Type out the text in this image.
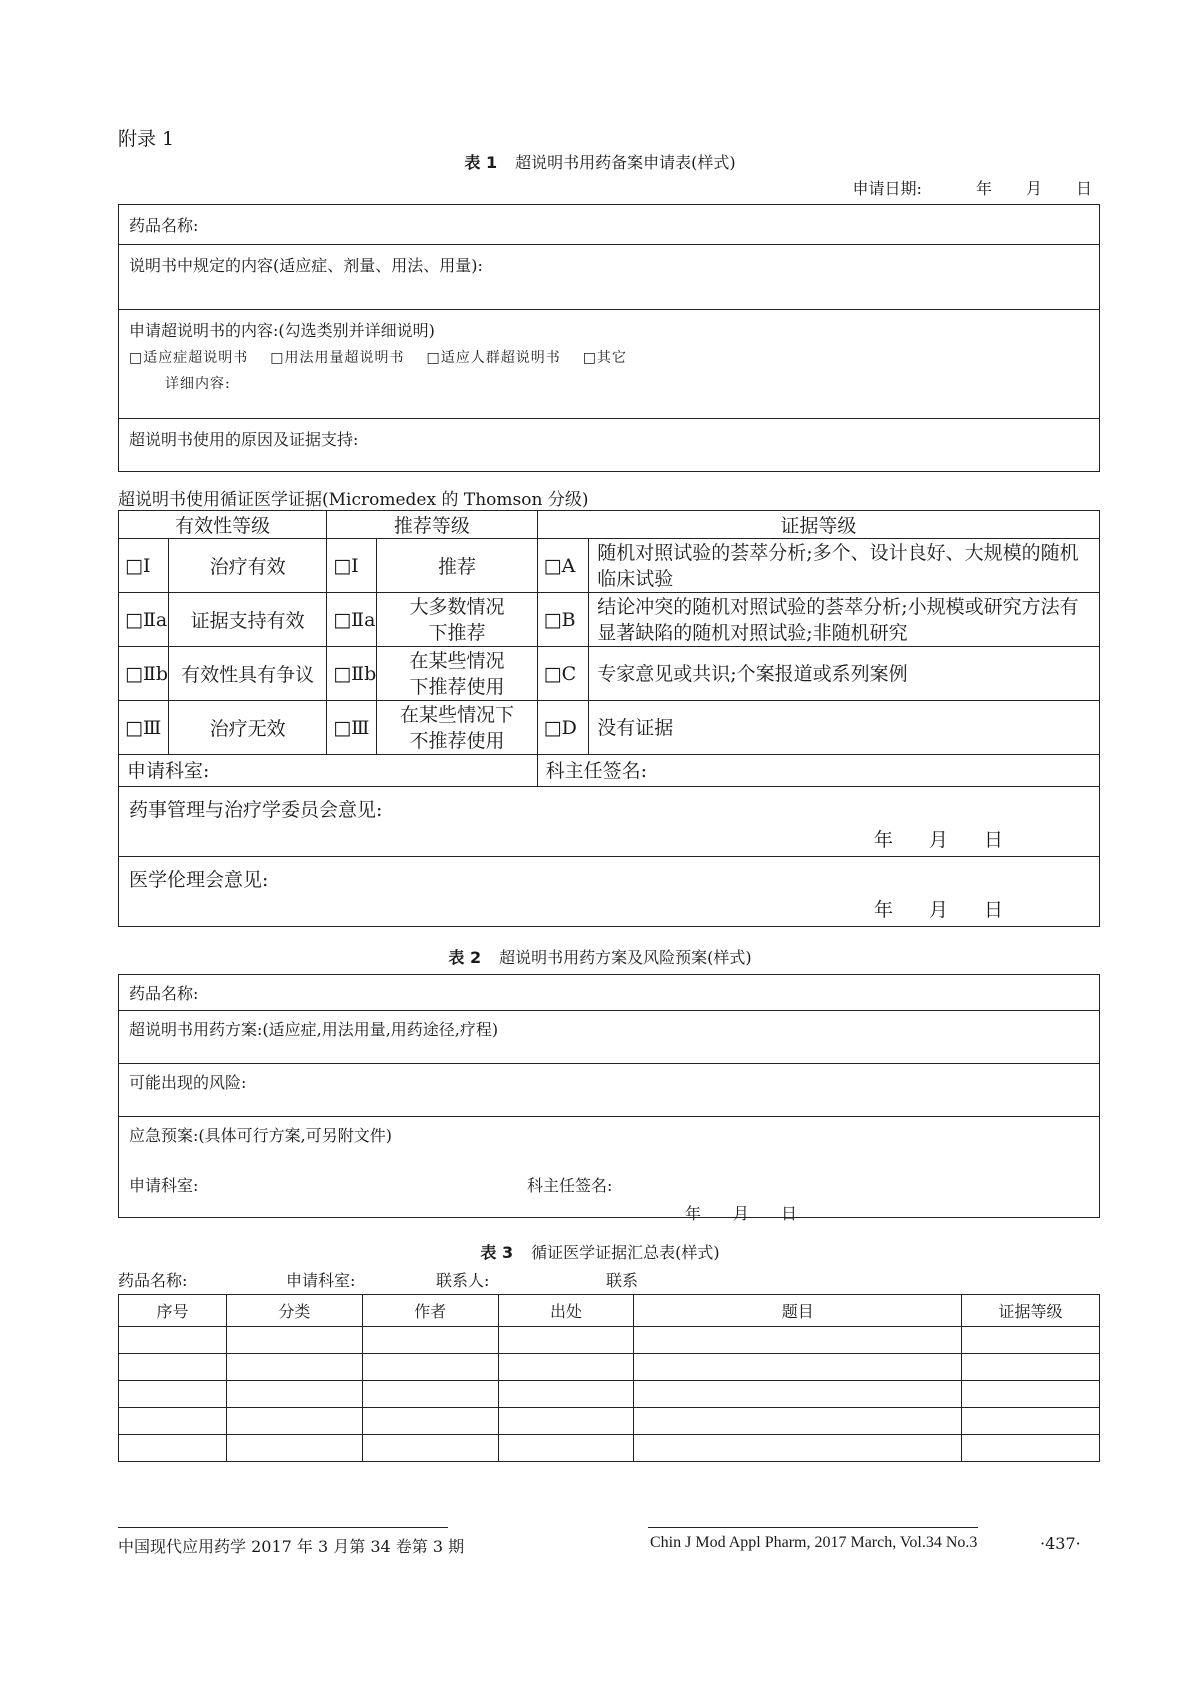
附录 1
表 1 超说明书用药备案申请表(样式)
申请日期:	年 月 日
药品名称:
说明书中规定的内容(适应症、剂量、用法、用量):

申请超说明书的内容:(勾选类别并详细说明)
□适应症超说明书 □用法用量超说明书 □适应人群超说明书 □其它
详细内容:

超说明书使用的原因及证据支持:
超说明书使用循证医学证据(Micromedex 的 Thomson 分级)
有效性等级		推荐等级		证据等级	
□Ⅰ	治疗有效	□Ⅰ	推荐	□A	随机对照试验的荟萃分析;多个、设计良好、大规模的随机临床试验
□Ⅱa	证据支持有效	□Ⅱa	大多数情况下推荐	□B	结论冲突的随机对照试验的荟萃分析;小规模或研究方法有显著缺陷的随机对照试验;非随机研究
□Ⅱb	有效性具有争议	□Ⅱb	在某些情况下推荐使用	□C	专家意见或共识;个案报道或系列案例
□Ⅲ	治疗无效	□Ⅲ	在某些情况下不推荐使用	□D	没有证据
申请科室:				科主任签名:	
药事管理与治疗学委员会意见:
年 月 日					

医学伦理会意见:
年 月 日					
表 2 超说明书用药方案及风险预案(样式)
药品名称:
超说明书用药方案:(适应症,用法用量,用药途径,疗程)
可能出现的风险:

应急预案:(具体可行方案,可另附文件)
申请科室:	科主任签名:
年 月 日
表 3 循证医学证据汇总表(样式)
药品名称:	申请科室:	联系人:	联系
序号	分类	作者	出处	题目	证据等级

中国现代应用药学 2017 年 3 月第 34 卷第 3 期	Chin J Mod Appl Pharm, 2017 March, Vol.34 No.3	·437·
